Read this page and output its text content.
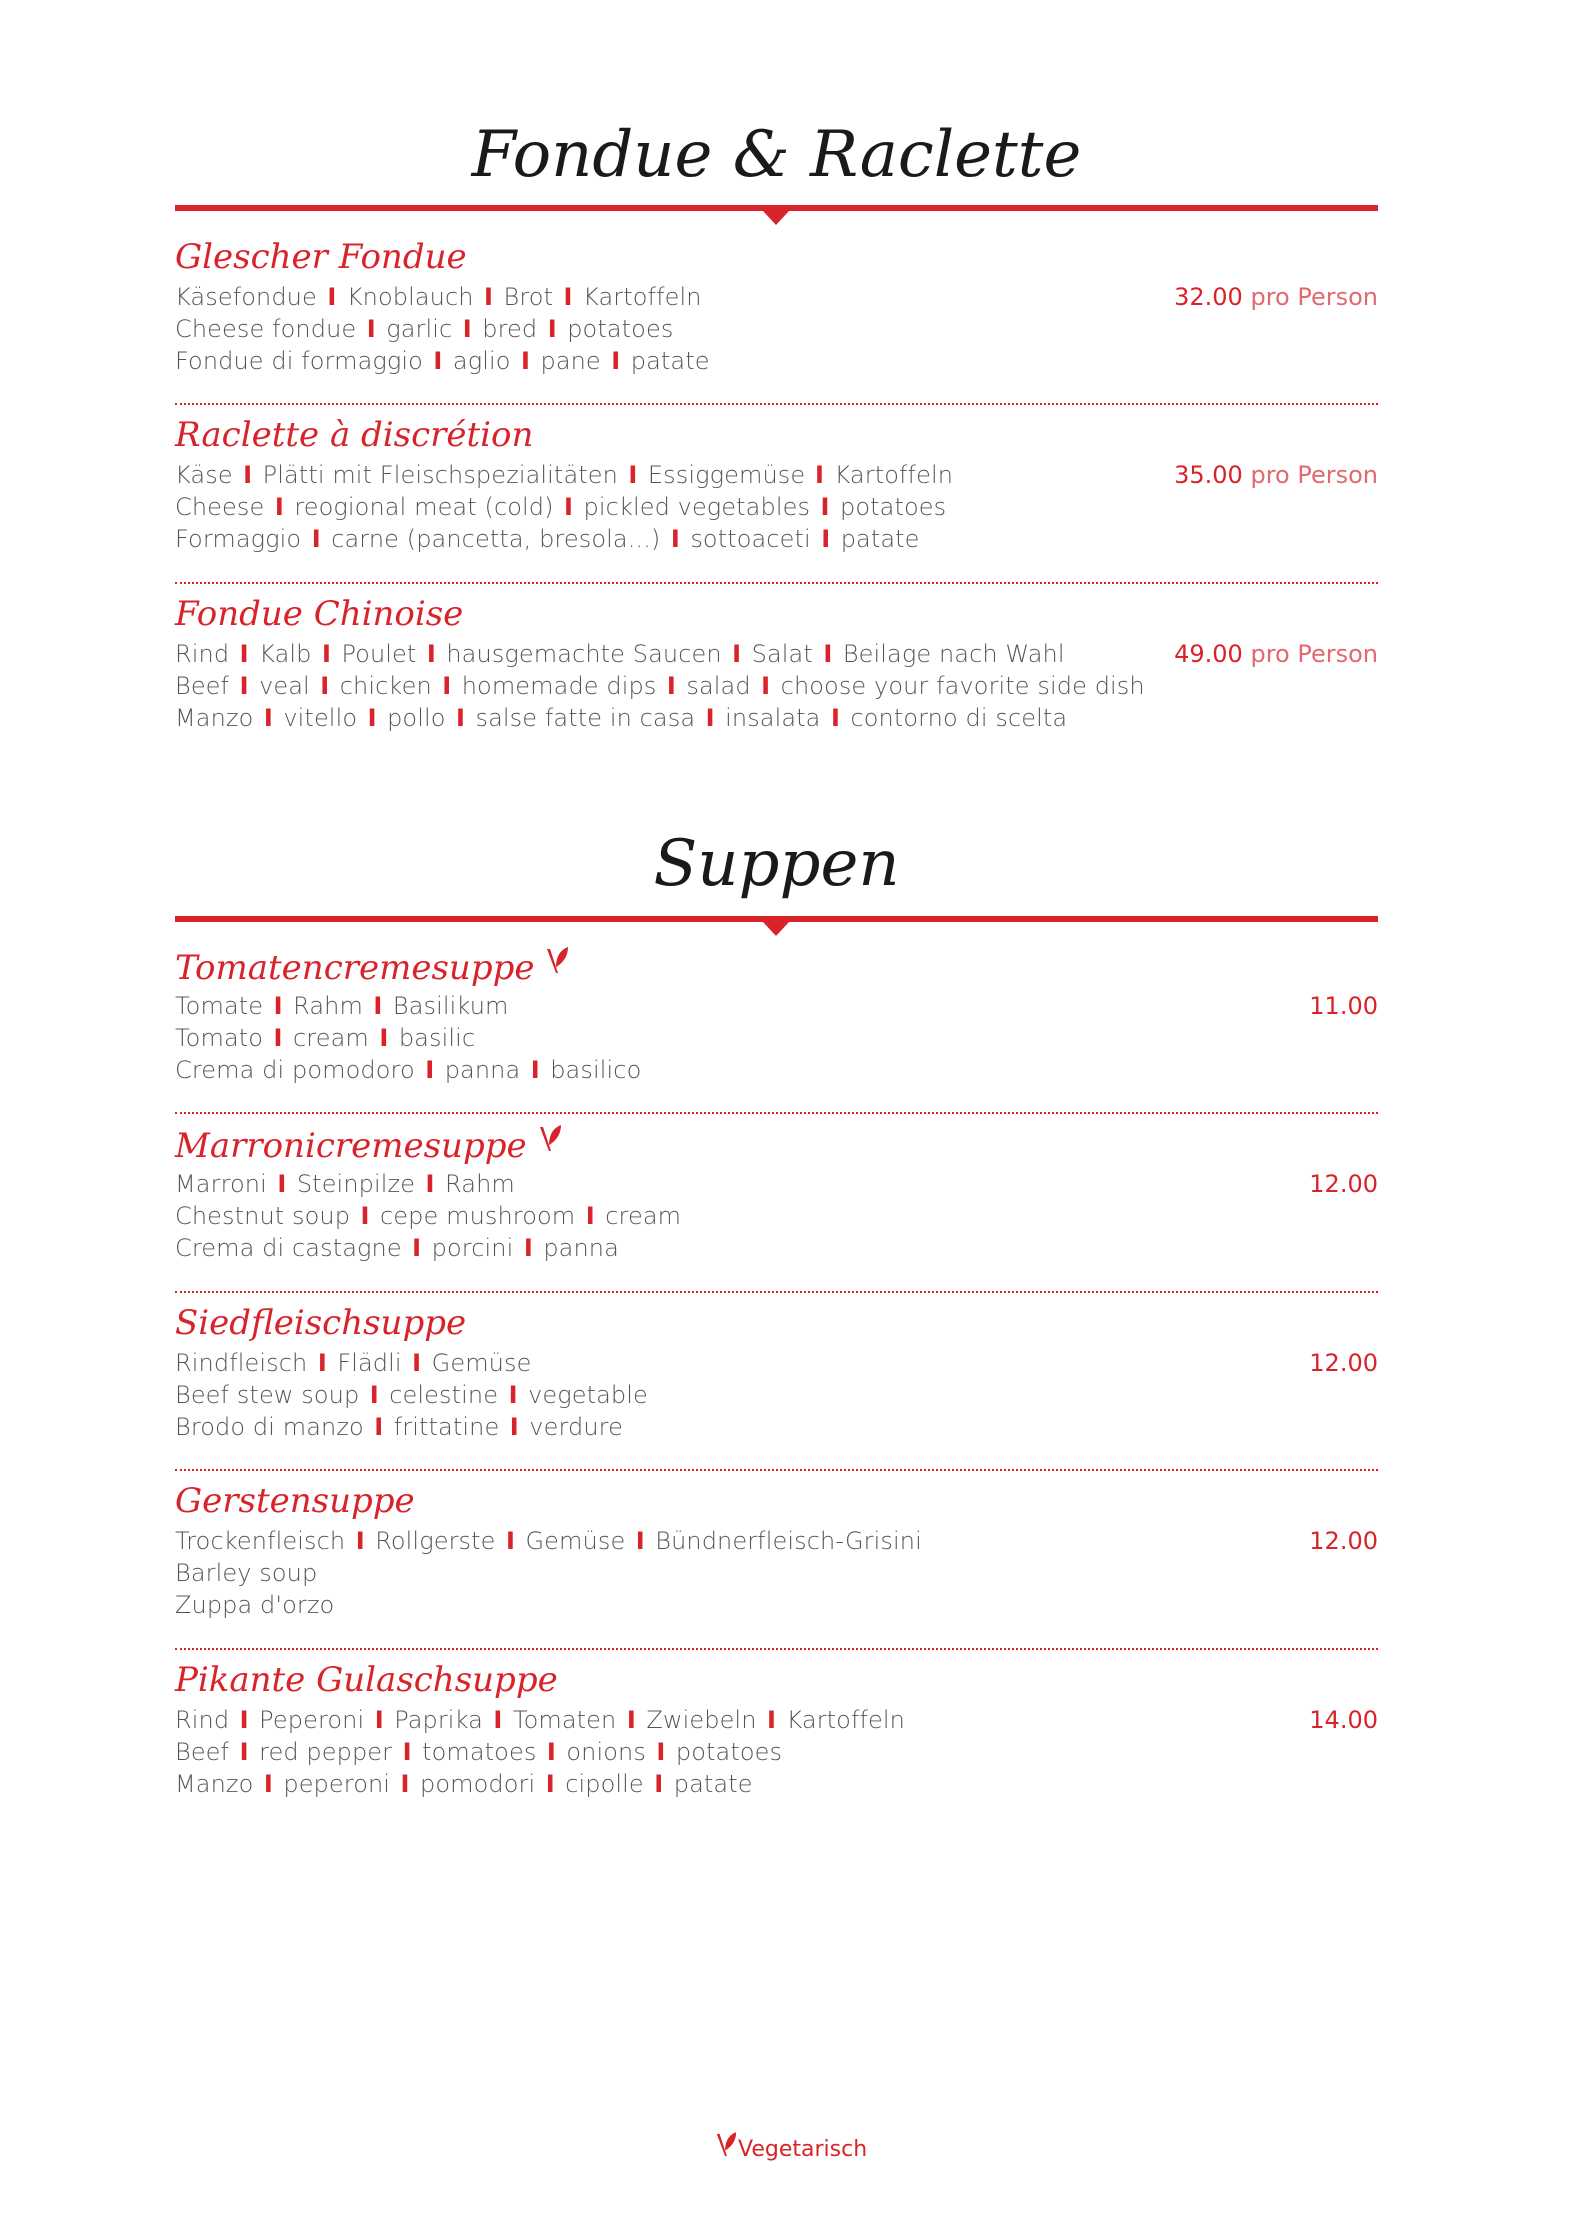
Fondue & Raclette
Glescher Fondue
Käsefondue I Knoblauch I Brot I Kartoffeln
Cheese fondue I garlic I bred I potatoes
Fondue di formaggio I aglio I pane I patate
32.00 pro Person
Raclette à discrétion
Käse I Plätti mit Fleischspezialitäten I Essiggemüse I Kartoffeln
Cheese I reogional meat (cold) I pickled vegetables I potatoes
Formaggio I carne (pancetta, bresola...) I sottoaceti I patate
35.00 pro Person
Fondue Chinoise
Rind I Kalb I Poulet I hausgemachte Saucen I Salat I Beilage nach Wahl
Beef I veal I chicken I homemade dips I salad I choose your favorite side dish
Manzo I vitello I pollo I salse fatte in casa I insalata I contorno di scelta
49.00 pro Person
Suppen
Tomatencremesuppe
Tomate I Rahm I Basilikum
Tomato I cream I basilic
Crema di pomodoro I panna I basilico
11.00
Marronicremesuppe
Marroni I Steinpilze I Rahm
Chestnut soup I cepe mushroom I cream
Crema di castagne I porcini I panna
12.00
Siedfleischsuppe
Rindfleisch I Flädli I Gemüse
Beef stew soup I celestine I vegetable
Brodo di manzo I frittatine I verdure
12.00
Gerstensuppe
Trockenfleisch I Rollgerste I Gemüse I Bündnerfleisch-Grisini
Barley soup
Zuppa d'orzo
12.00
Pikante Gulaschsuppe
Rind I Peperoni I Paprika I Tomaten I Zwiebeln I Kartoffeln
Beef I red pepper I tomatoes I onions I potatoes
Manzo I peperoni I pomodori I cipolle I patate
14.00
Vegetarisch
